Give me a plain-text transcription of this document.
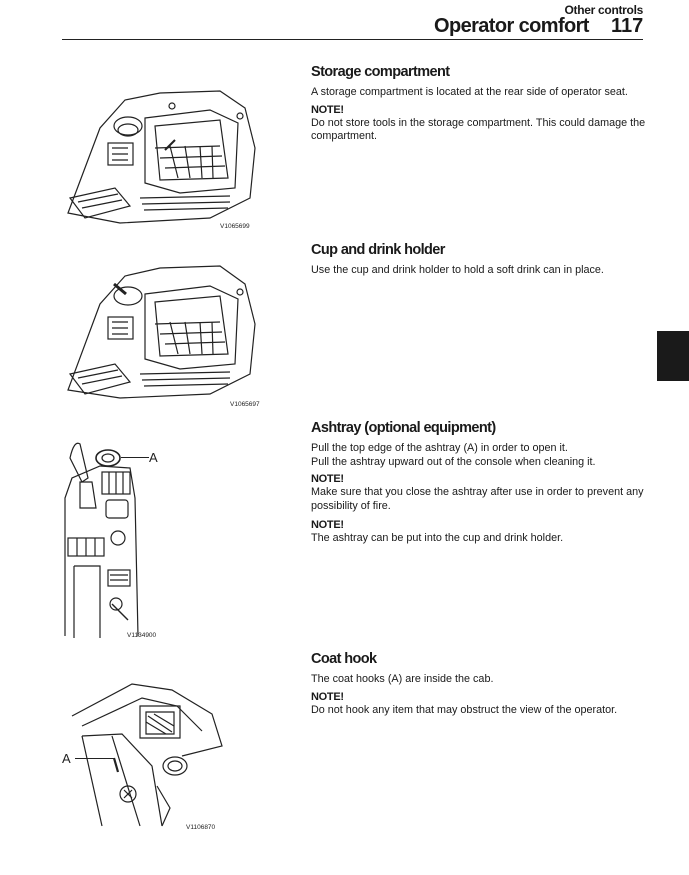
Other controls
Operator comfort 117
V1065699
V1065697
A
V1134900
A
V1106870
Storage compartment
A storage compartment is located at the rear side of operator seat.
NOTE!
Do not store tools in the storage compartment. This could damage the compartment.
Cup and drink holder
Use the cup and drink holder to hold a soft drink can in place.
Ashtray (optional equipment)
Pull the top edge of the ashtray (A) in order to open it.
Pull the ashtray upward out of the console when cleaning it.
NOTE!
Make sure that you close the ashtray after use in order to prevent any possibility of fire.
NOTE!
The ashtray can be put into the cup and drink holder.
Coat hook
The coat hooks (A) are inside the cab.
NOTE!
Do not hook any item that may obstruct the view of the operator.
